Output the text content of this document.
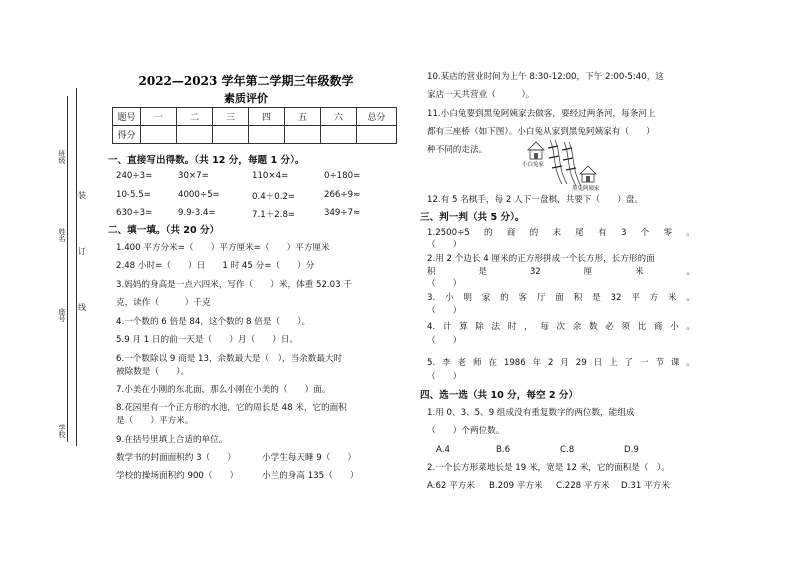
班级
姓名
座号
学校
装
订
线
2022—2023 学年第二学期三年级数学
素质评价
题号	一	二	三	四	五	六	总分
得分							
一、直接写出得数。（共 12 分，每题 1 分）。
240÷3=	30×7=	110×4=	0÷180=
10-5.5=	4000÷5=	0.4＋0.2=	266÷9≈
630÷3=	9.9-3.4=	7.1＋2.8=	349÷7≈
二、填一填。（共 20 分）
1.400 平方分米=（　　）平方厘米=（　　）平方厘米
2.48 小时=（　　）日　　1 时 45 分=（　　）分
3.妈妈的身高是一点六四米，写作（　　）米，体重 52.03 千
克，读作（　　　）千克
4.一个数的 6 倍是 84，这个数的 8 倍是（　　）。
5.9 月 1 日的前一天是（　　）月（　　）日。
6.一个数除以 9 商是 13，余数最大是（　），当余数最大时
被除数是（　　）。
7.小美在小刚的东北面，那么小刚在小美的（　　）面。
8.花园里有一个正方形的水池，它的周长是 48 米，它的面积
是（　　）平方米。
9.在括号里填上合适的单位。
数学书的封面面积约 3（　　）	小学生每天睡 9（　　）
学校的操场面积约 900（　　）	小兰的身高 135（　　）
10.某店的营业时间为上午 8:30-12:00，下午 2:00-5:40，这
家店一天共营业（　　　）。
11.小白兔要到黑兔阿姨家去做客，要经过两条河，每条河上
都有三座桥（如下图）。小白兔从家到黑兔阿姨家有（　　）
种不同的走法。
小白兔家
黑兔阿姨家
12.有 5 名棋手，每 2 人下一盘棋，共要下（　　）盘。
三、判一判（共 5 分）。
1.2500÷5 的 商 的 末 尾 有 3 个 零 。
（　　）
2.用 2 个边长 4 厘米的正方形拼成一个长方形，长方形的面
积	是	32	厘	米	。
（　　）
3. 小 明 家 的 客 厅 面 积 是 32 平 方 米 。
（　　）
4. 计 算 除 法 时 ， 每 次 余 数 必 须 比 商 小 。
（　　）
5. 李 老 师 在 1986 年 2 月 29 日 上 了 一 节 课 。
（　　）
四、选一选（共 10 分，每空 2 分）
1.用 0、3、5、9 组成没有重复数字的两位数，能组成
（　　）个两位数。
A.4	B.6	C.8	D.9
2.一个长方形菜地长是 19 米，宽是 12 米，它的面积是（　）。
A.62 平方米 B.209 平方米 C.228 平方米 D.31 平方米
